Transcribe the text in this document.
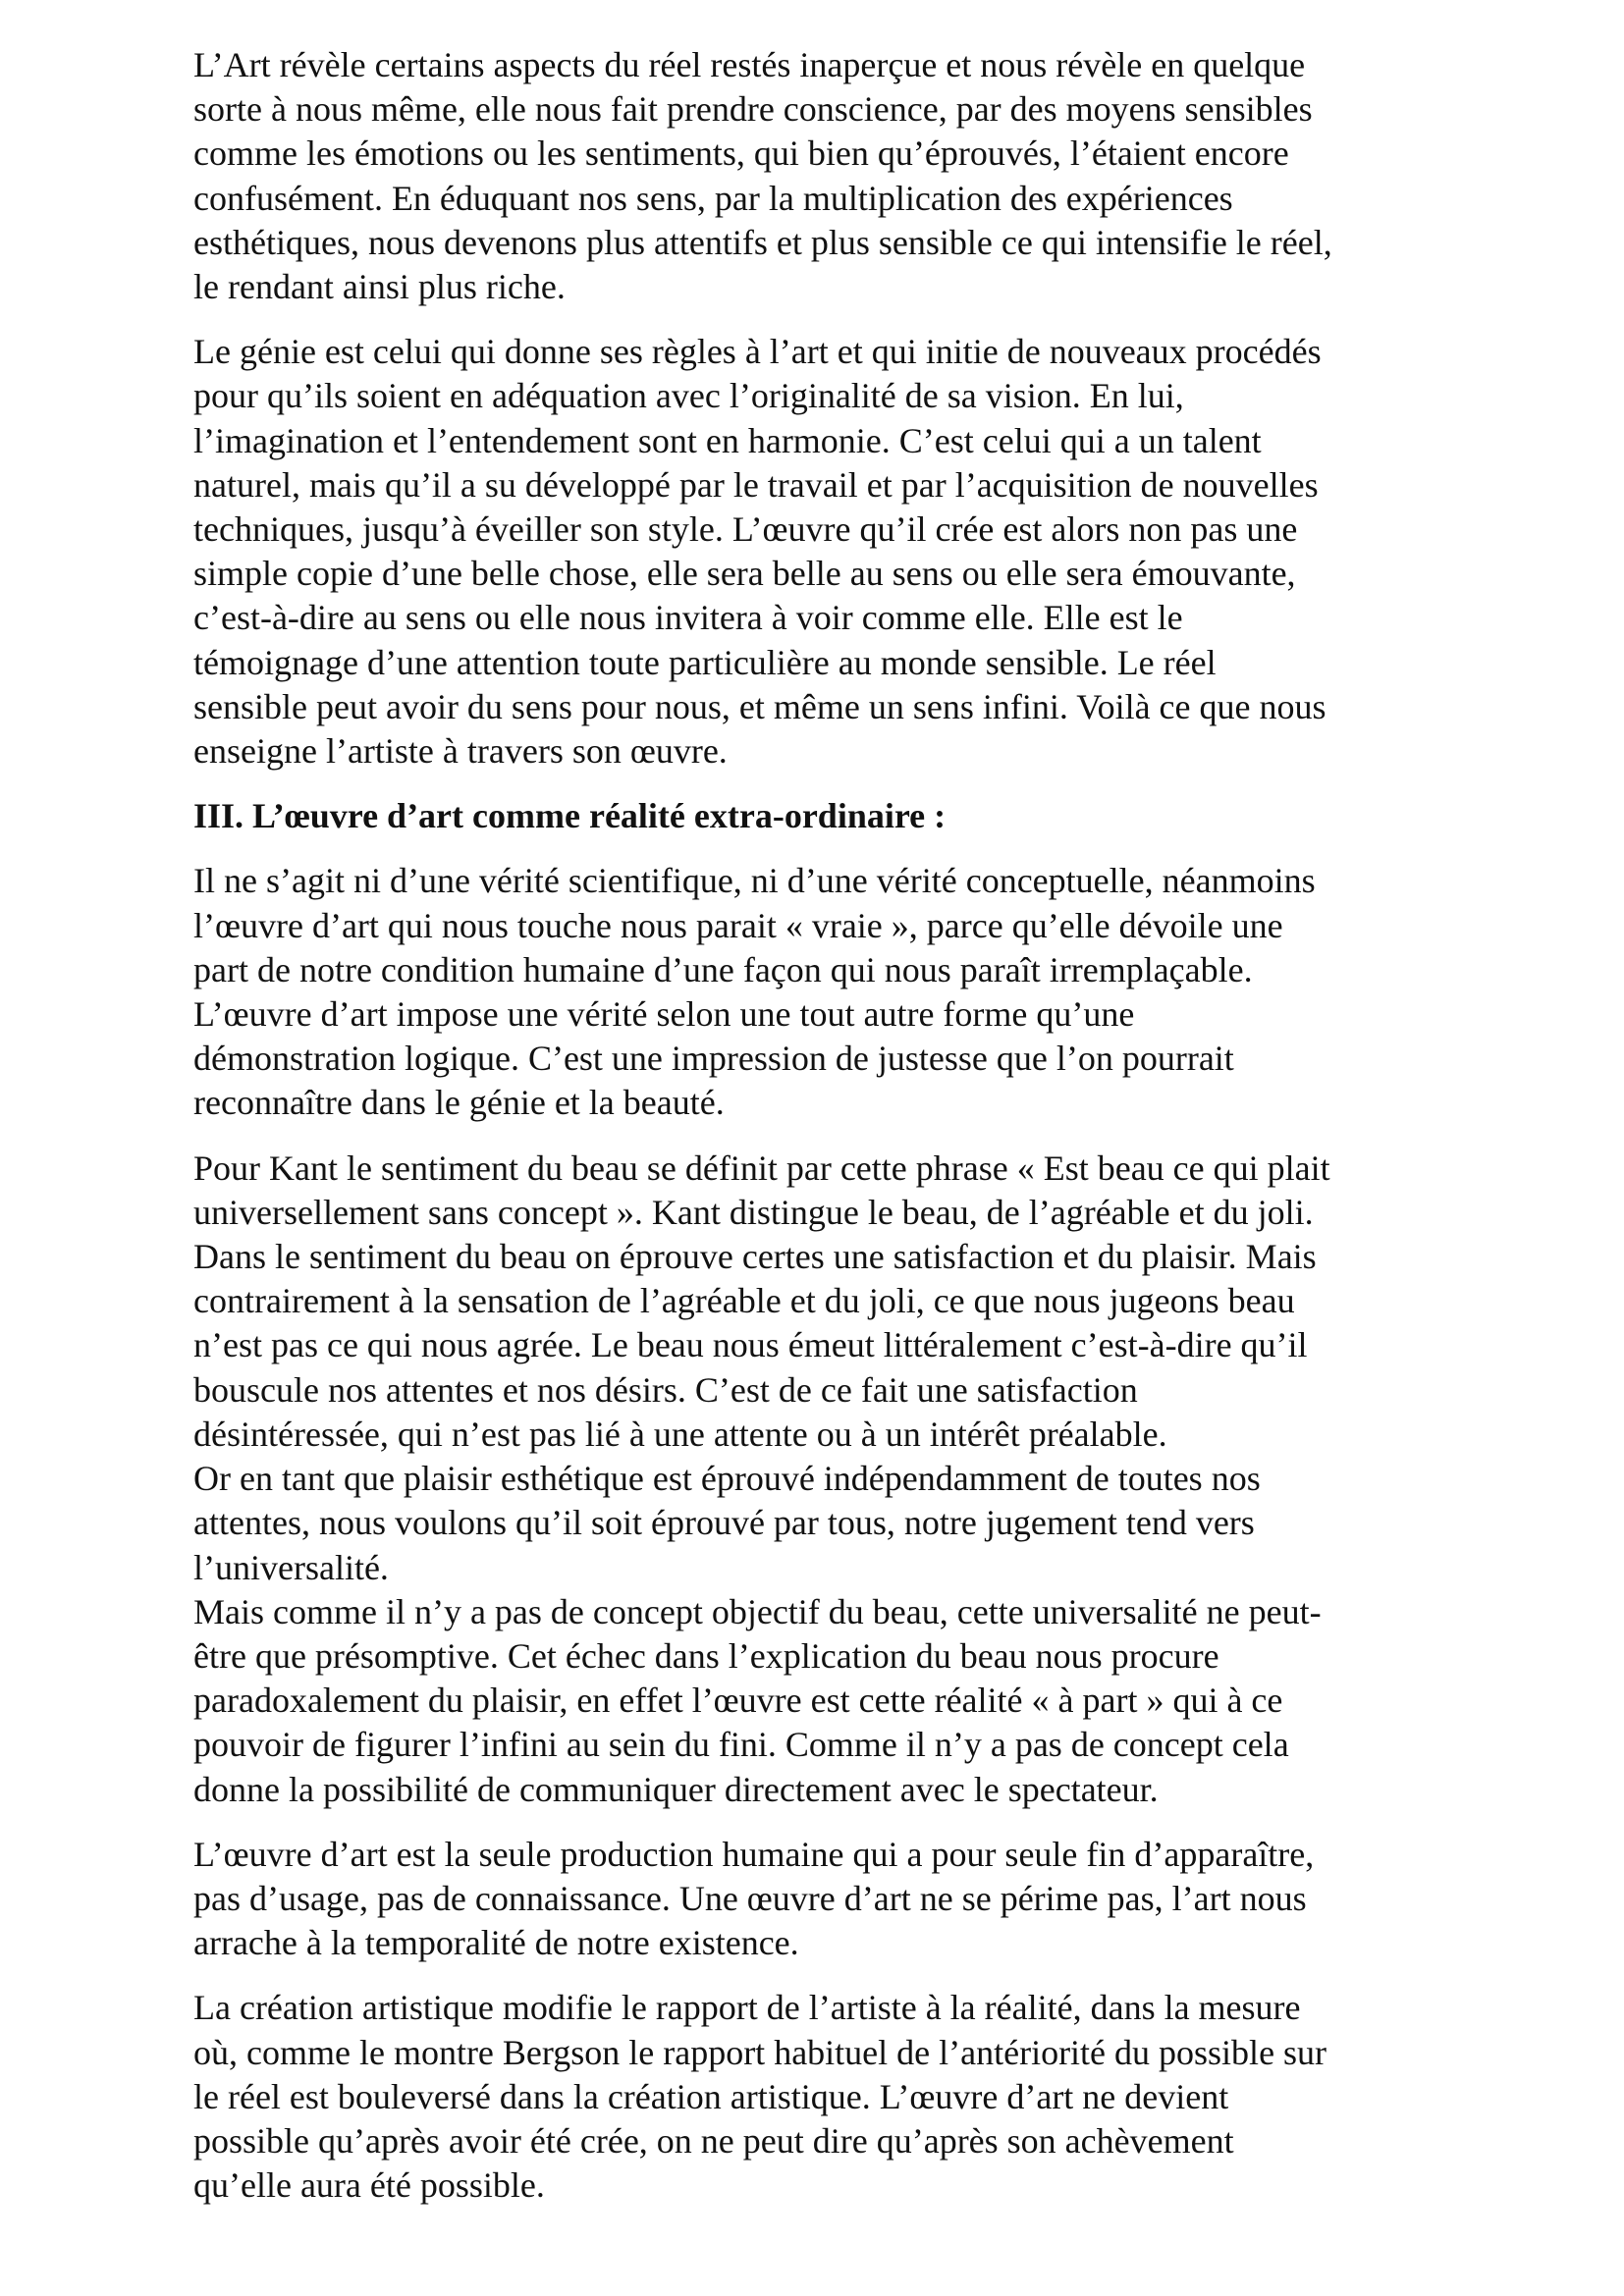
L’Art révèle certains aspects du réel restés inaperçue et nous révèle en quelque
sorte à nous même, elle nous fait prendre conscience, par des moyens sensibles
comme les émotions ou les sentiments, qui bien qu’éprouvés, l’étaient encore
confusément. En éduquant nos sens, par la multiplication des expériences
esthétiques, nous devenons plus attentifs et plus sensible ce qui intensifie le réel,
le rendant ainsi plus riche.
Le génie est celui qui donne ses règles à l’art et qui initie de nouveaux procédés
pour qu’ils soient en adéquation avec l’originalité de sa vision. En lui,
l’imagination et l’entendement sont en harmonie. C’est celui qui a un talent
naturel, mais qu’il a su développé par le travail et par l’acquisition de nouvelles
techniques, jusqu’à éveiller son style. L’œuvre qu’il crée est alors non pas une
simple copie d’une belle chose, elle sera belle au sens ou elle sera émouvante,
c’est-à-dire au sens ou elle nous invitera à voir comme elle. Elle est le
témoignage d’une attention toute particulière au monde sensible. Le réel
sensible peut avoir du sens pour nous, et même un sens infini. Voilà ce que nous
enseigne l’artiste à travers son œuvre.
III. L’œuvre d’art comme réalité extra-ordinaire :
Il ne s’agit ni d’une vérité scientifique, ni d’une vérité conceptuelle, néanmoins
l’œuvre d’art qui nous touche nous parait « vraie », parce qu’elle dévoile une
part de notre condition humaine d’une façon qui nous paraît irremplaçable.
L’œuvre d’art impose une vérité selon une tout autre forme qu’une
démonstration logique. C’est une impression de justesse que l’on pourrait
reconnaître dans le génie et la beauté.
Pour Kant le sentiment du beau se définit par cette phrase « Est beau ce qui plait
universellement sans concept ». Kant distingue le beau, de l’agréable et du joli.
Dans le sentiment du beau on éprouve certes une satisfaction et du plaisir. Mais
contrairement à la sensation de l’agréable et du joli, ce que nous jugeons beau
n’est pas ce qui nous agrée. Le beau nous émeut littéralement c’est-à-dire qu’il
bouscule nos attentes et nos désirs. C’est de ce fait une satisfaction
désintéressée, qui n’est pas lié à une attente ou à un intérêt préalable.
Or en tant que plaisir esthétique est éprouvé indépendamment de toutes nos
attentes, nous voulons qu’il soit éprouvé par tous, notre jugement tend vers
l’universalité.
Mais comme il n’y a pas de concept objectif du beau, cette universalité ne peut-
être que présomptive. Cet échec dans l’explication du beau nous procure
paradoxalement du plaisir, en effet l’œuvre est cette réalité « à part » qui à ce
pouvoir de figurer l’infini au sein du fini. Comme il n’y a pas de concept cela
donne la possibilité de communiquer directement avec le spectateur.
L’œuvre d’art est la seule production humaine qui a pour seule fin d’apparaître,
pas d’usage, pas de connaissance. Une œuvre d’art ne se périme pas, l’art nous
arrache à la temporalité de notre existence.
La création artistique modifie le rapport de l’artiste à la réalité, dans la mesure
où, comme le montre Bergson le rapport habituel de l’antériorité du possible sur
le réel est bouleversé dans la création artistique. L’œuvre d’art ne devient
possible qu’après avoir été crée, on ne peut dire qu’après son achèvement
qu’elle aura été possible.
